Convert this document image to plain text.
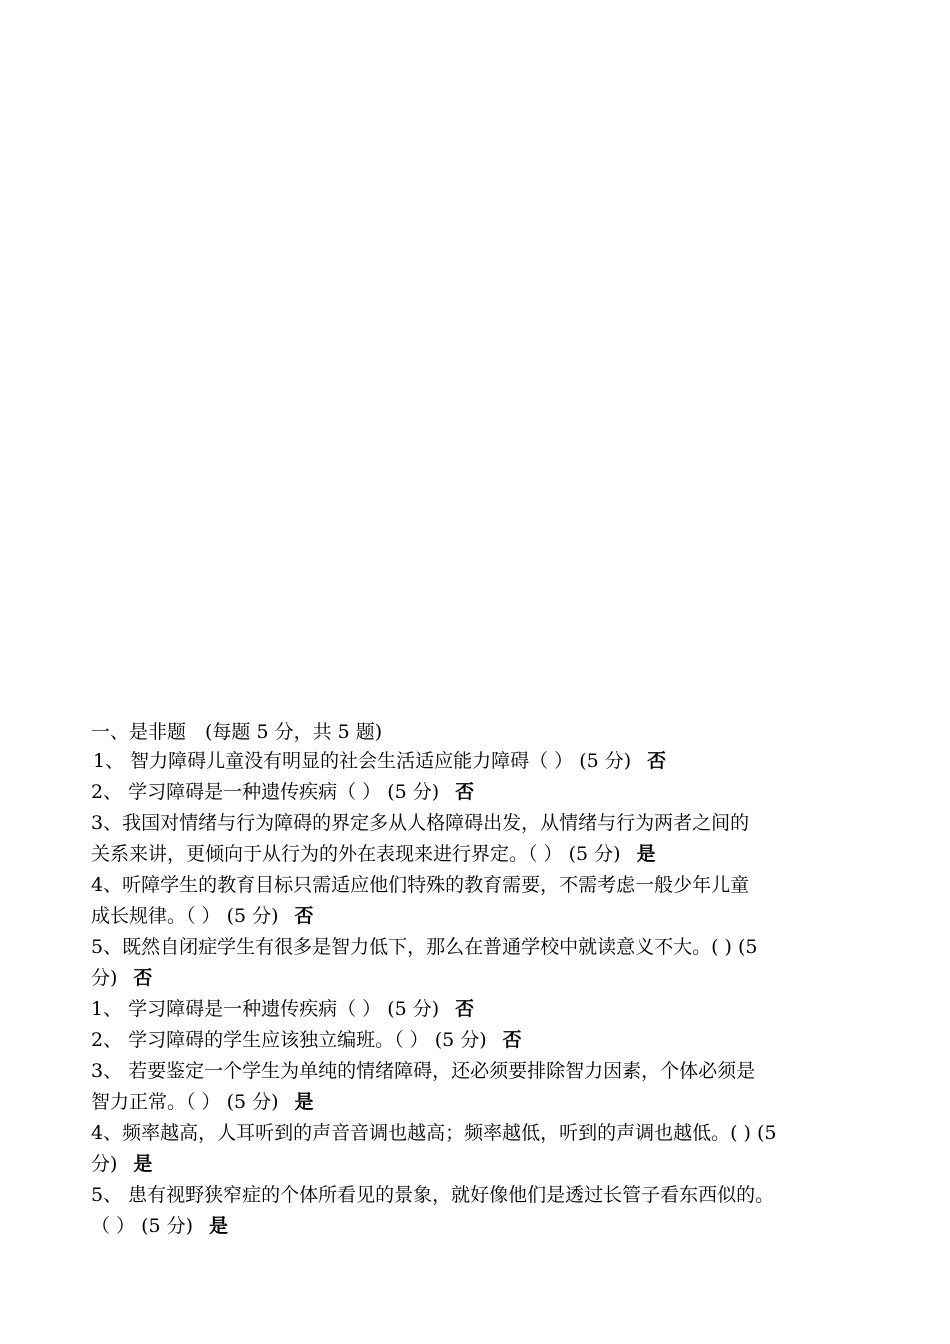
一、是非题　(每题 5 分，共 5 题)
1、 智力障碍儿童没有明显的社会生活适应能力障碍（ ） (5 分) 否
2、 学习障碍是一种遗传疾病（ ） (5 分) 否
3、我国对情绪与行为障碍的界定多从人格障碍出发，从情绪与行为两者之间的
关系来讲，更倾向于从行为的外在表现来进行界定。（ ） (5 分) 是
4、听障学生的教育目标只需适应他们特殊的教育需要，不需考虑一般少年儿童
成长规律。（ ） (5 分) 否
5、既然自闭症学生有很多是智力低下，那么在普通学校中就读意义不大。( ) (5
分) 否
1、 学习障碍是一种遗传疾病（ ） (5 分) 否
2、 学习障碍的学生应该独立编班。（ ） (5 分) 否
3、 若要鉴定一个学生为单纯的情绪障碍，还必须要排除智力因素，个体必须是
智力正常。（ ） (5 分) 是
4、频率越高，人耳听到的声音音调也越高；频率越低，听到的声调也越低。( ) (5
分) 是
5、 患有视野狭窄症的个体所看见的景象，就好像他们是透过长管子看东西似的。
（ ） (5 分) 是
